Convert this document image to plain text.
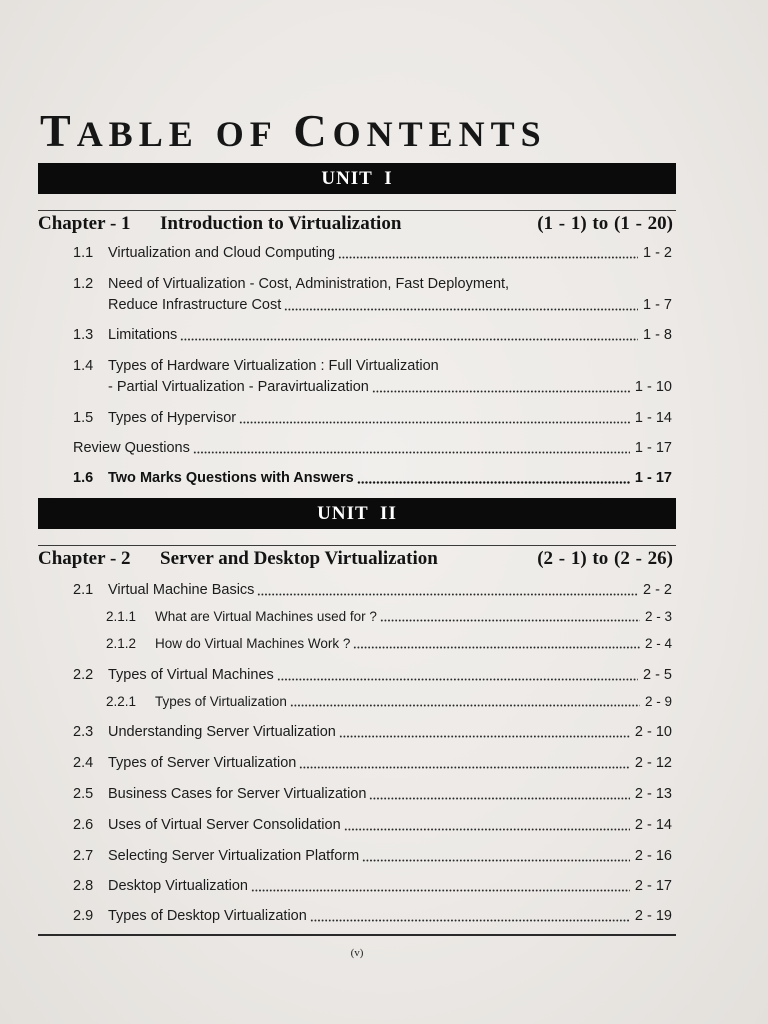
TABLE OF CONTENTS
UNIT I
Chapter - 1 Introduction to Virtualization	(1 - 1) to (1 - 20)
1.1 Virtualization and Cloud Computing	1 - 2
1.2 Need of Virtualization - Cost, Administration, Fast Deployment,
Reduce Infrastructure Cost	1 - 7
1.3 Limitations	1 - 8
1.4 Types of Hardware Virtualization : Full Virtualization
- Partial Virtualization - Paravirtualization	1 - 10
1.5 Types of Hypervisor	1 - 14
Review Questions	1 - 17
1.6 Two Marks Questions with Answers	1 - 17
UNIT II
Chapter - 2 Server and Desktop Virtualization	(2 - 1) to (2 - 26)
2.1 Virtual Machine Basics	2 - 2
2.1.1 What are Virtual Machines used for ?	2 - 3
2.1.2 How do Virtual Machines Work ?	2 - 4
2.2 Types of Virtual Machines	2 - 5
2.2.1 Types of Virtualization	2 - 9
2.3 Understanding Server Virtualization	2 - 10
2.4 Types of Server Virtualization	2 - 12
2.5 Business Cases for Server Virtualization	2 - 13
2.6 Uses of Virtual Server Consolidation	2 - 14
2.7 Selecting Server Virtualization Platform	2 - 16
2.8 Desktop Virtualization	2 - 17
2.9 Types of Desktop Virtualization	2 - 19
(v)
